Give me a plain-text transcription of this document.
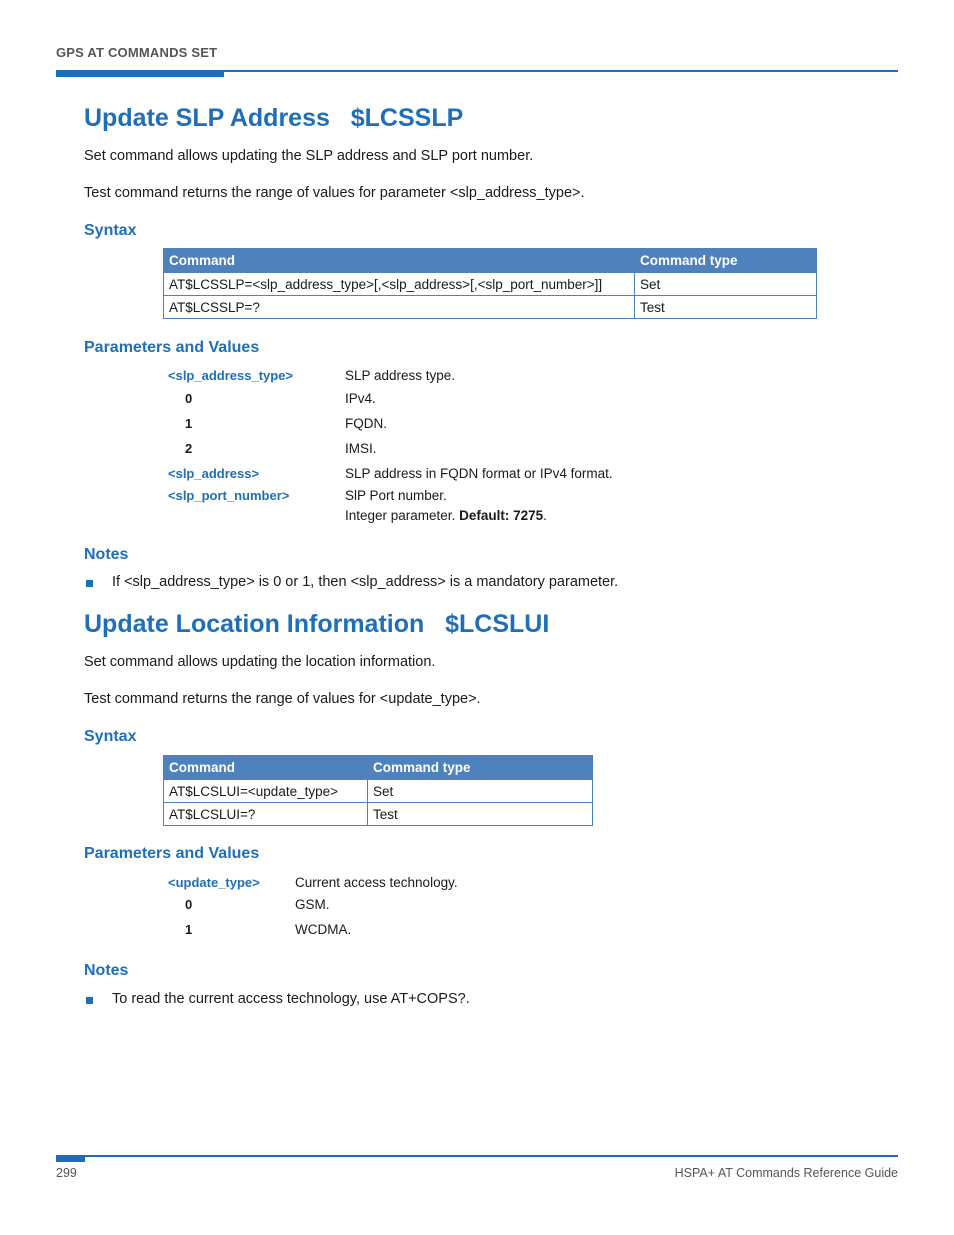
GPS AT COMMANDS SET
Update SLP Address   $LCSSLP
Set command allows updating the SLP address and SLP port number.
Test command returns the range of values for parameter <slp_address_type>.
Syntax
Command	Command type
AT$LCSSLP=<slp_address_type>[,<slp_address>[,<slp_port_number>]]	Set
AT$LCSSLP=?	Test
Parameters and Values
<slp_address_type>	SLP address type.
0	IPv4.
1	FQDN.
2	IMSI.
<slp_address>	SLP address in FQDN format or IPv4 format.
<slp_port_number>	SlP Port number.
Integer parameter. Default: 7275.
Notes
If <slp_address_type> is 0 or 1, then <slp_address> is a mandatory parameter.
Update Location Information   $LCSLUI
Set command allows updating the location information.
Test command returns the range of values for <update_type>.
Syntax
Command	Command type
AT$LCSLUI=<update_type>	Set
AT$LCSLUI=?	Test
Parameters and Values
<update_type>	Current access technology.
0	GSM.
1	WCDMA.
Notes
To read the current access technology, use AT+COPS?.
299	HSPA+ AT Commands Reference Guide
